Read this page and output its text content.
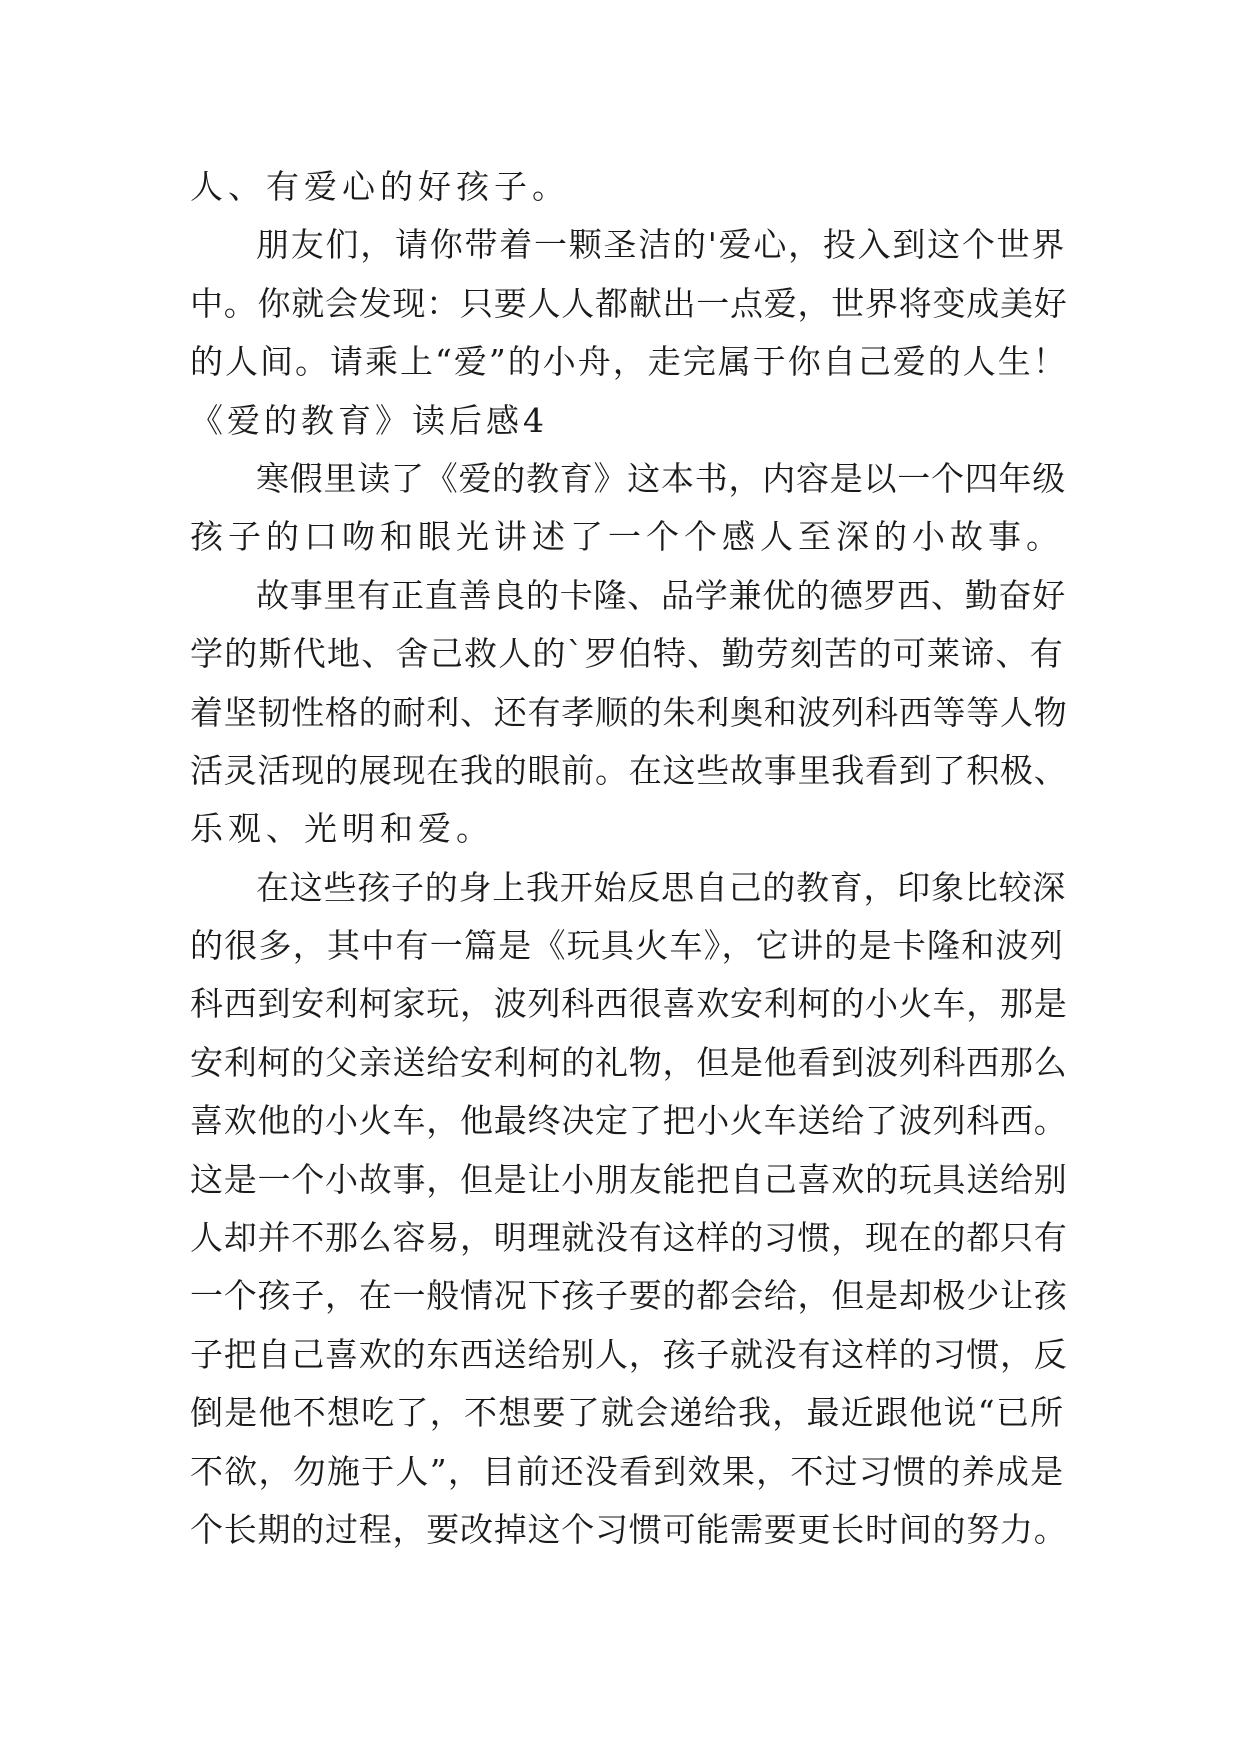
人、有爱心的好孩子。
朋友们，请你带着一颗圣洁的'爱心，投入到这个世界
中。你就会发现：只要人人都献出一点爱，世界将变成美好
的人间。请乘上“爱”的小舟，走完属于你自己爱的人生！
《爱的教育》读后感4
寒假里读了《爱的教育》这本书，内容是以一个四年级
孩子的口吻和眼光讲述了一个个感人至深的小故事。
故事里有正直善良的卡隆、品学兼优的德罗西、勤奋好
学的斯代地、舍己救人的`罗伯特、勤劳刻苦的可莱谛、有
着坚韧性格的耐利、还有孝顺的朱利奥和波列科西等等人物
活灵活现的展现在我的眼前。在这些故事里我看到了积极、
乐观、光明和爱。
在这些孩子的身上我开始反思自己的教育，印象比较深
的很多，其中有一篇是《玩具火车》，它讲的是卡隆和波列
科西到安利柯家玩，波列科西很喜欢安利柯的小火车，那是
安利柯的父亲送给安利柯的礼物，但是他看到波列科西那么
喜欢他的小火车，他最终决定了把小火车送给了波列科西。
这是一个小故事，但是让小朋友能把自己喜欢的玩具送给别
人却并不那么容易，明理就没有这样的习惯，现在的都只有
一个孩子，在一般情况下孩子要的都会给，但是却极少让孩
子把自己喜欢的东西送给别人，孩子就没有这样的习惯，反
倒是他不想吃了，不想要了就会递给我，最近跟他说“已所
不欲，勿施于人”，目前还没看到效果，不过习惯的养成是
个长期的过程，要改掉这个习惯可能需要更长时间的努力。
